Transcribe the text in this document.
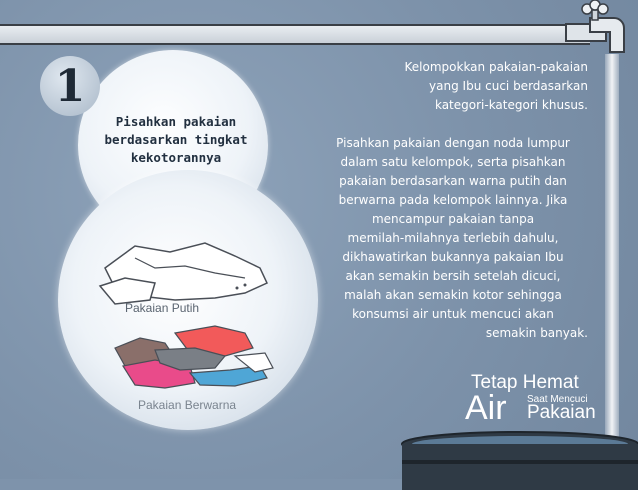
1
Pisahkan pakaian
berdasarkan tingkat
kekotorannya
Pakaian Putih
Pakaian Berwarna
Kelompokkan pakaian-pakaian
yang Ibu cuci berdasarkan
kategori-kategori khusus.
Pisahkan pakaian dengan noda lumpur
dalam satu kelompok, serta pisahkan
pakaian berdasarkan warna putih dan
berwarna pada kelompok lainnya. Jika
mencampur pakaian tanpa
memilah-milahnya terlebih dahulu,
dikhawatirkan bukannya pakaian Ibu
akan semakin bersih setelah dicuci,
malah akan semakin kotor sehingga
konsumsi air untuk mencuci akan
semakin banyak.
Tetap Hemat
Air Saat Mencuci
Pakaian
